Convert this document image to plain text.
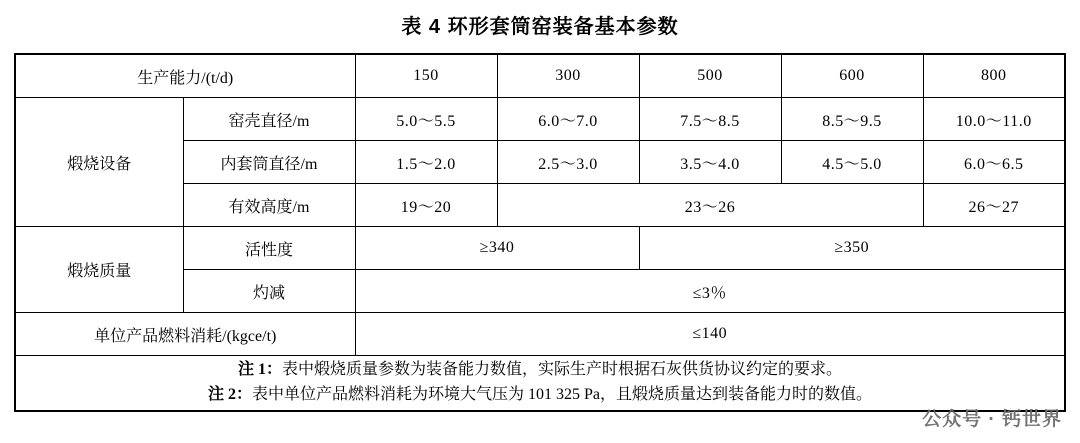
表 4 环形套筒窑装备基本参数
生产能力/(t/d)		150	300	500	600	800
煅烧设备	窑壳直径/m	5.0～5.5	6.0～7.0	7.5～8.5	8.5～9.5	10.0～11.0
	内套筒直径/m	1.5～2.0	2.5～3.0	3.5～4.0	4.5～5.0	6.0～6.5
	有效高度/m	19～20	23～26			26～27
煅烧质量	活性度	≥340		≥350		
	灼减	≤3％				
单位产品燃料消耗/(kgce/t)		≤140				

注 1：表中煅烧质量参数为装备能力数值，实际生产时根据石灰供货协议约定的要求。
注 2：表中单位产品燃料消耗为环境大气压为 101 325 Pa，且煅烧质量达到装备能力时的数值。						
公众号 · 钙世界
